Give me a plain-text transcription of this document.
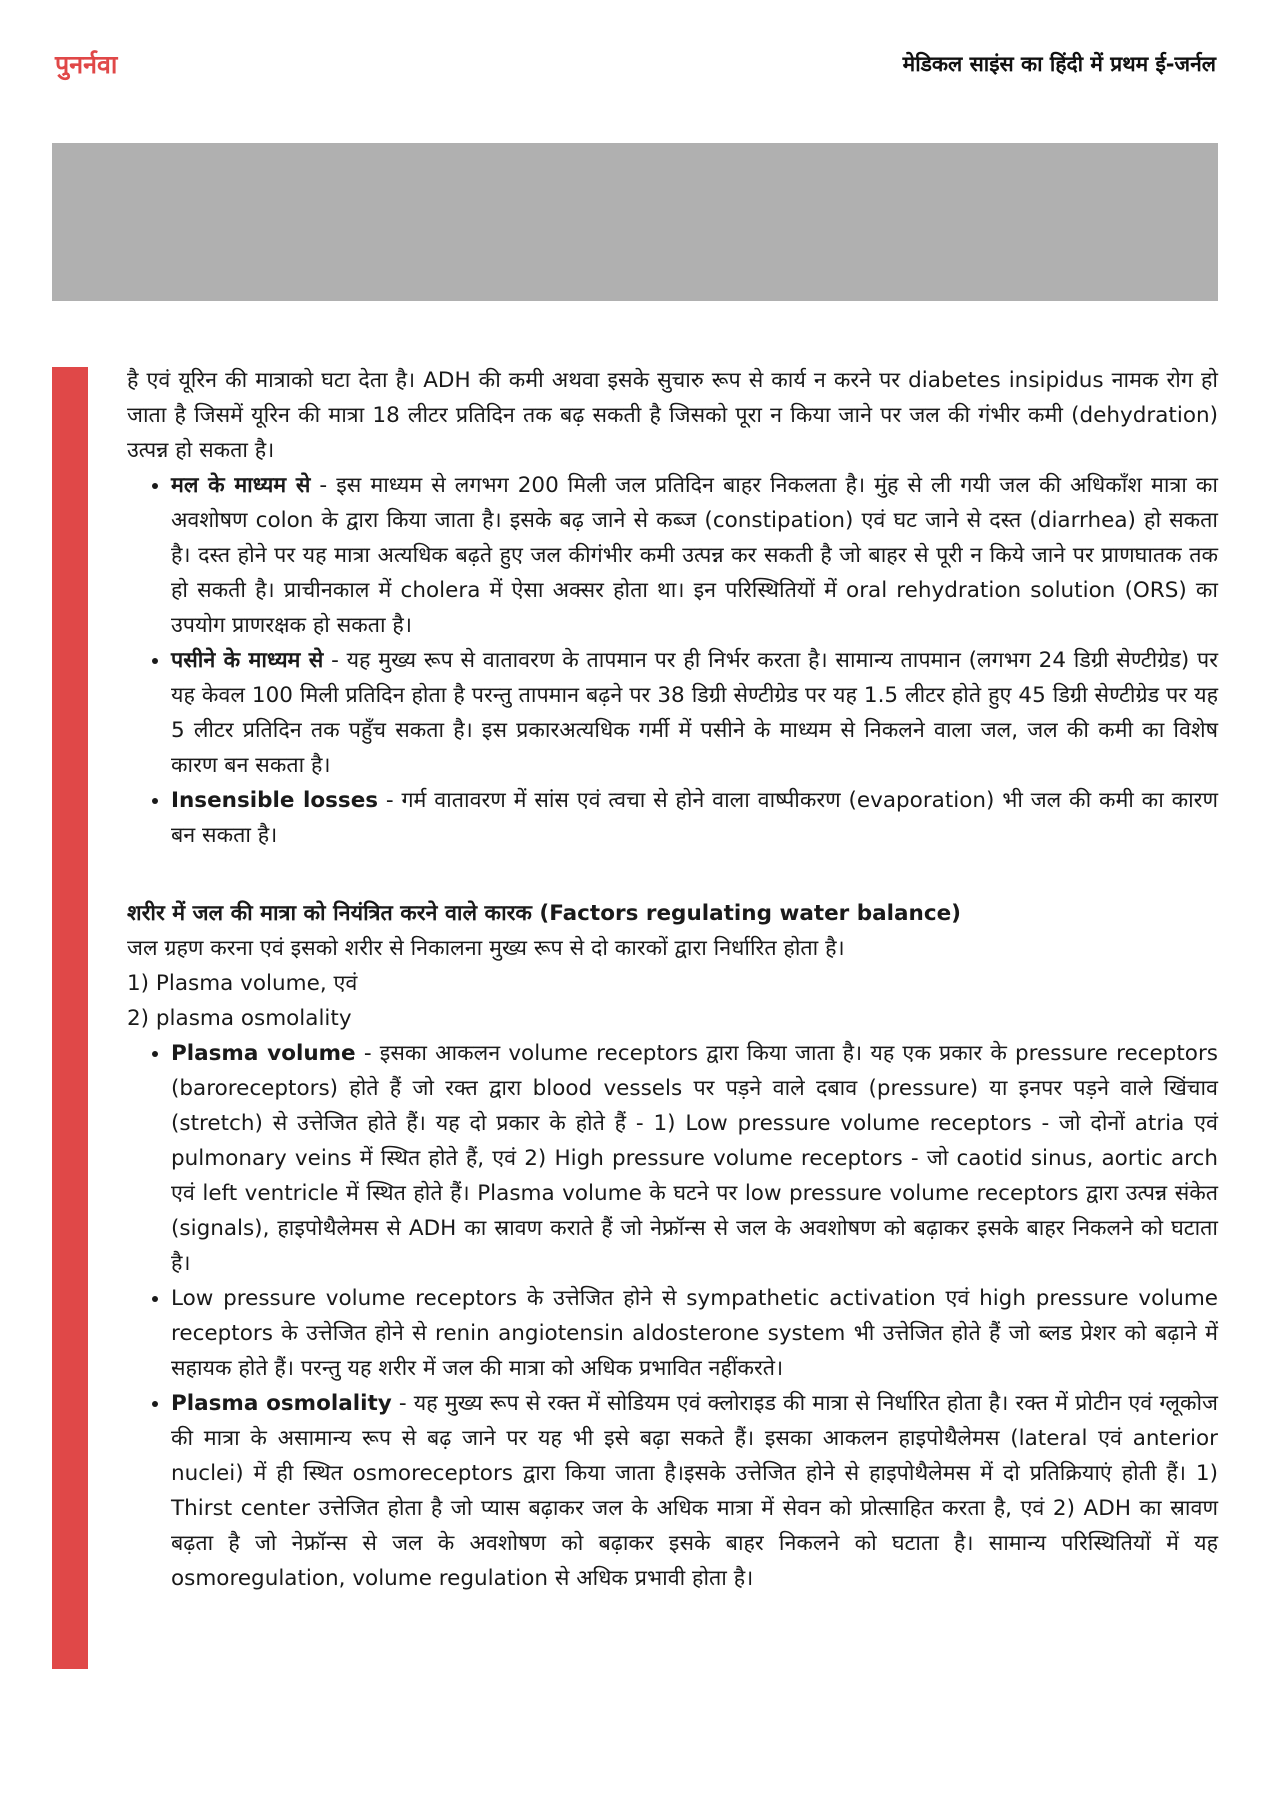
पुनर्नवा	मेडिकल साइंस का हिंदी में प्रथम ई-जर्नल

है एवं यूरिन की मात्राको घटा देता है। ADH की कमी अथवा इसके सुचारु रूप से कार्य न करने पर diabetes insipidus नामक रोग हो जाता है जिसमें यूरिन की मात्रा 18 लीटर प्रतिदिन तक बढ़ सकती है जिसको पूरा न किया जाने पर जल की गंभीर कमी (dehydration) उत्पन्न हो सकता है।

• मल के माध्यम से - इस माध्यम से लगभग 200 मिली जल प्रतिदिन बाहर निकलता है। मुंह से ली गयी जल की अधिकाँश मात्रा का अवशोषण colon के द्वारा किया जाता है। इसके बढ़ जाने से कब्ज (constipation) एवं घट जाने से दस्त (diarrhea) हो सकता है। दस्त होने पर यह मात्रा अत्यधिक बढ़ते हुए जल कीगंभीर कमी उत्पन्न कर सकती है जो बाहर से पूरी न किये जाने पर प्राणघातक तक हो सकती है। प्राचीनकाल में cholera में ऐसा अक्सर होता था। इन परिस्थितियों में oral rehydration solution (ORS) का उपयोग प्राणरक्षक हो सकता है।
• पसीने के माध्यम से - यह मुख्य रूप से वातावरण के तापमान पर ही निर्भर करता है। सामान्य तापमान (लगभग 24 डिग्री सेण्टीग्रेड) पर यह केवल 100 मिली प्रतिदिन होता है परन्तु तापमान बढ़ने पर 38 डिग्री सेण्टीग्रेड पर यह 1.5 लीटर होते हुए 45 डिग्री सेण्टीग्रेड पर यह 5 लीटर प्रतिदिन तक पहुँच सकता है। इस प्रकारअत्यधिक गर्मी में पसीने के माध्यम से निकलने वाला जल, जल की कमी का विशेष कारण बन सकता है।
• Insensible losses - गर्म वातावरण में सांस एवं त्वचा से होने वाला वाष्पीकरण (evaporation) भी जल की कमी का कारण बन सकता है।

शरीर में जल की मात्रा को नियंत्रित करने वाले कारक (Factors regulating water balance)

जल ग्रहण करना एवं इसको शरीर से निकालना मुख्य रूप से दो कारकों द्वारा निर्धारित होता है।

1) Plasma volume, एवं

2) plasma osmolality

• Plasma volume - इसका आकलन volume receptors द्वारा किया जाता है। यह एक प्रकार के pressure receptors (baroreceptors) होते हैं जो रक्त द्वारा blood vessels पर पड़ने वाले दबाव (pressure) या इनपर पड़ने वाले खिंचाव (stretch) से उत्तेजित होते हैं। यह दो प्रकार के होते हैं - 1) Low pressure volume receptors - जो दोनों atria एवं pulmonary veins में स्थित होते हैं, एवं 2) High pressure volume receptors - जो caotid sinus, aortic arch एवं left ventricle में स्थित होते हैं। Plasma volume के घटने पर low pressure volume receptors द्वारा उत्पन्न संकेत (signals), हाइपोथैलेमस से ADH का स्रावण कराते हैं जो नेफ्रॉन्स से जल के अवशोषण को बढ़ाकर इसके बाहर निकलने को घटाता है।
• Low pressure volume receptors के उत्तेजित होने से sympathetic activation एवं high pressure volume receptors के उत्तेजित होने से renin angiotensin aldosterone system भी उत्तेजित होते हैं जो ब्लड प्रेशर को बढ़ाने में सहायक होते हैं। परन्तु यह शरीर में जल की मात्रा को अधिक प्रभावित नहींकरते।
• Plasma osmolality - यह मुख्य रूप से रक्त में सोडियम एवं क्लोराइड की मात्रा से निर्धारित होता है। रक्त में प्रोटीन एवं ग्लूकोज की मात्रा के असामान्य रूप से बढ़ जाने पर यह भी इसे बढ़ा सकते हैं। इसका आकलन हाइपोथैलेमस (lateral एवं anterior nuclei) में ही स्थित osmoreceptors द्वारा किया जाता है।इसके उत्तेजित होने से हाइपोथैलेमस में दो प्रतिक्रियाएं होती हैं। 1) Thirst center उत्तेजित होता है जो प्यास बढ़ाकर जल के अधिक मात्रा में सेवन को प्रोत्साहित करता है, एवं 2) ADH का स्रावण बढ़ता है जो नेफ्रॉन्स से जल के अवशोषण को बढ़ाकर इसके बाहर निकलने को घटाता है। सामान्य परिस्थितियों में यह osmoregulation, volume regulation से अधिक प्रभावी होता है।
